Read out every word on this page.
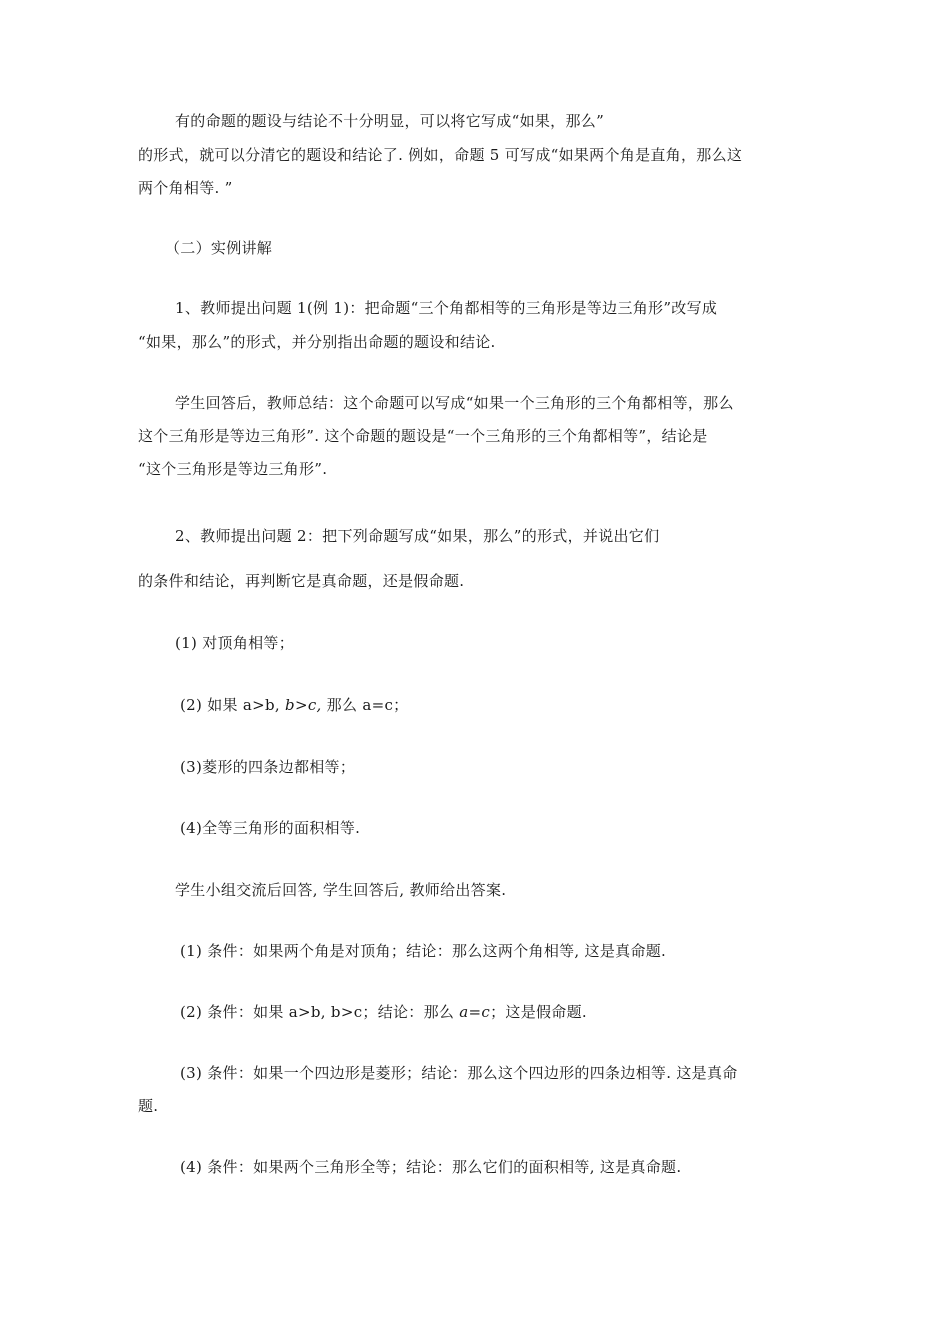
有的命题的题设与结论不十分明显，可以将它写成“如果，那么”
的形式，就可以分清它的题设和结论了. 例如，命题 5 可写成“如果两个角是直角，那么这
两个角相等. ”
（二）实例讲解
1、教师提出问题 1(例 1)：把命题“三个角都相等的三角形是等边三角形”改写成
“如果，那么”的形式，并分别指出命题的题设和结论.
学生回答后，教师总结：这个命题可以写成“如果一个三角形的三个角都相等，那么
这个三角形是等边三角形”. 这个命题的题设是“一个三角形的三个角都相等”，结论是
“这个三角形是等边三角形”.
2、教师提出问题 2：把下列命题写成“如果，那么”的形式，并说出它们
的条件和结论，再判断它是真命题，还是假命题.
(1) 对顶角相等；
(2) 如果 a>b, b>c, 那么 a=c；
(3)菱形的四条边都相等；
(4)全等三角形的面积相等.
学生小组交流后回答, 学生回答后, 教师给出答案.
(1) 条件：如果两个角是对顶角；结论：那么这两个角相等, 这是真命题.
(2) 条件：如果 a>b, b>c；结论：那么 a=c；这是假命题.
(3) 条件：如果一个四边形是菱形；结论：那么这个四边形的四条边相等. 这是真命
题.
(4) 条件：如果两个三角形全等；结论：那么它们的面积相等, 这是真命题.
